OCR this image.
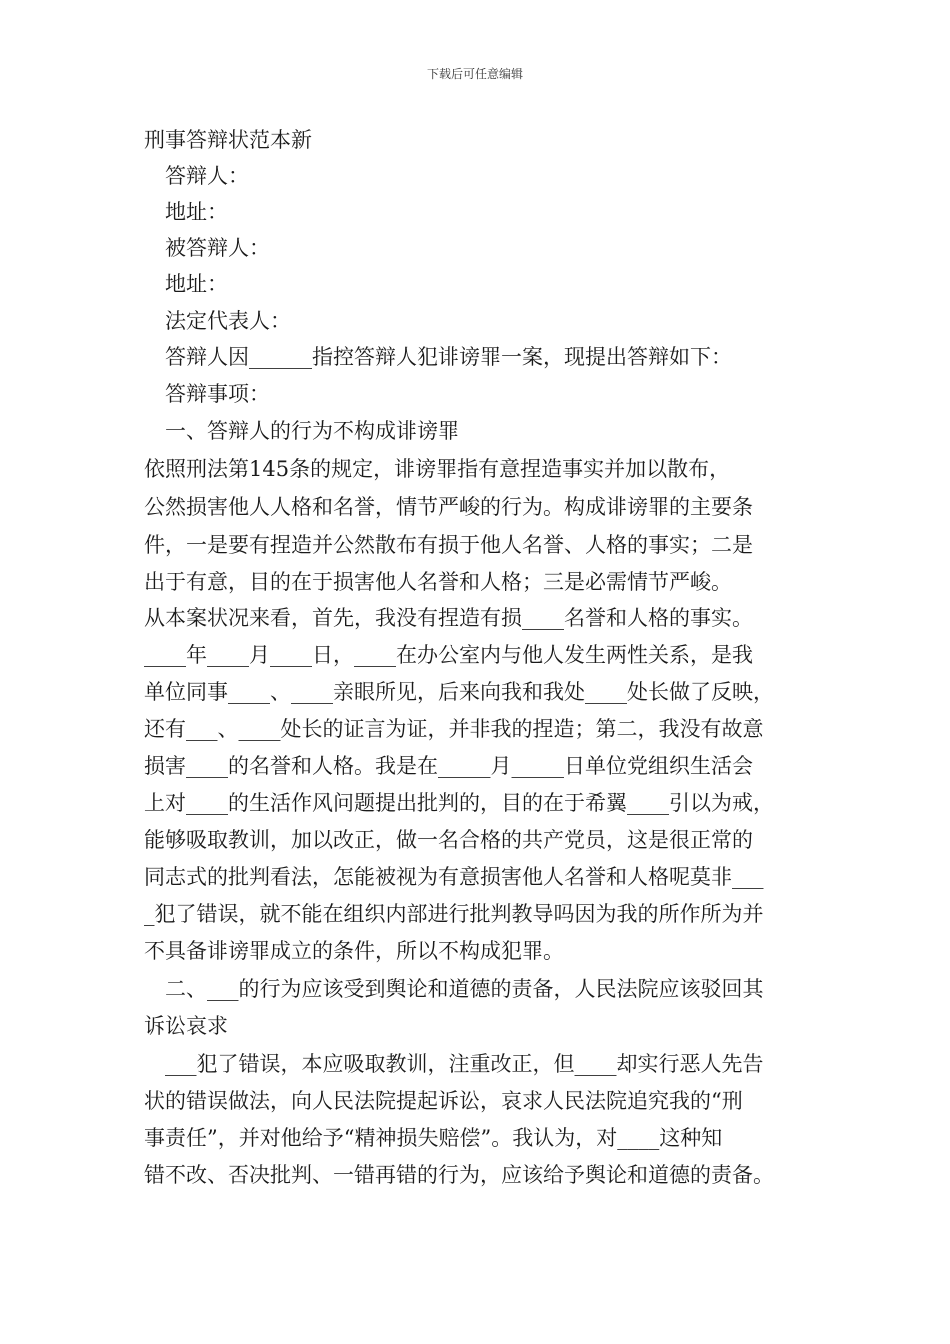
下载后可任意编辑
刑事答辩状范本新
　答辩人：
　地址：
　被答辩人：
　地址：
　法定代表人：
　答辩人因______指控答辩人犯诽谤罪一案，现提出答辩如下：
　答辩事项：
　一、答辩人的行为不构成诽谤罪
依照刑法第145条的规定，诽谤罪指有意捏造事实并加以散布，
公然损害他人人格和名誉，情节严峻的行为。构成诽谤罪的主要条
件，一是要有捏造并公然散布有损于他人名誉、人格的事实；二是
出于有意，目的在于损害他人名誉和人格；三是必需情节严峻。
从本案状况来看，首先，我没有捏造有损____名誉和人格的事实。
____年____月____日，____在办公室内与他人发生两性关系，是我
单位同事____、____亲眼所见，后来向我和我处____处长做了反映，
还有___、____处长的证言为证，并非我的捏造；第二，我没有故意
损害____的名誉和人格。我是在_____月_____日单位党组织生活会
上对____的生活作风问题提出批判的，目的在于希翼____引以为戒，
能够吸取教训，加以改正，做一名合格的共产党员，这是很正常的
同志式的批判看法，怎能被视为有意损害他人名誉和人格呢莫非___
_犯了错误，就不能在组织内部进行批判教导吗因为我的所作所为并
不具备诽谤罪成立的条件，所以不构成犯罪。
　二、___的行为应该受到舆论和道德的责备，人民法院应该驳回其
诉讼哀求
　___犯了错误，本应吸取教训，注重改正，但____却实行恶人先告
状的错误做法，向人民法院提起诉讼，哀求人民法院追究我的“刑
事责任”，并对他给予“精神损失赔偿”。我认为，对____这种知
错不改、否决批判、一错再错的行为，应该给予舆论和道德的责备。
